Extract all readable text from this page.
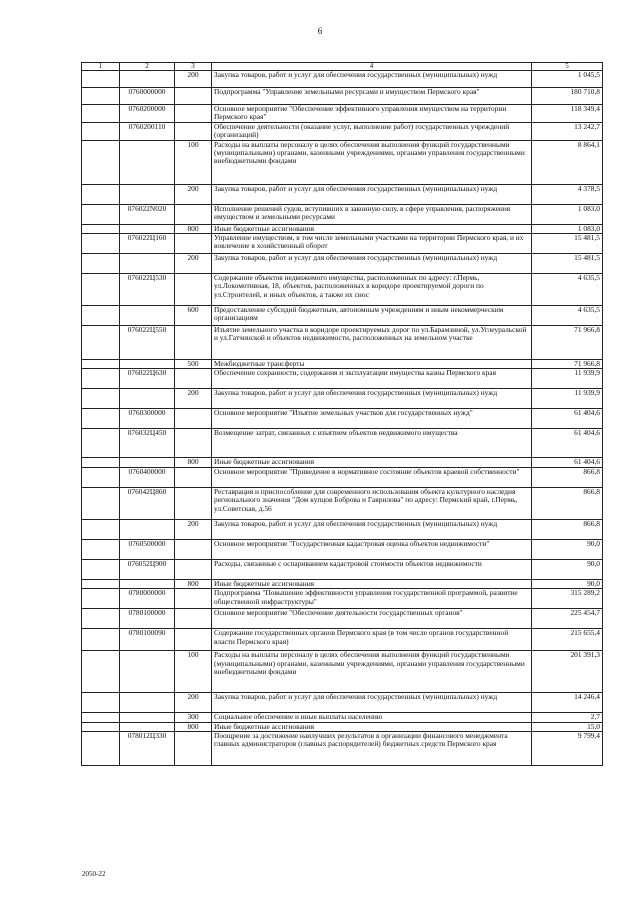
6
1	2	3	4	5
		200	Закупка товаров, работ и услуг для обеспечения государственных (муниципальных) нужд	1 045,5
	0760000000		Подпрограмма "Управление земельными ресурсами и имуществом Пермского края"	180 710,8
	0760200000		Основное мероприятие "Обеспечение эффективного управления имуществом на территории Пермского края"	118 349,4
	0760200110		Обеспечение деятельности (оказание услуг, выполнение работ) государственных учреждений (организаций)	13 242,7
		100	Расходы на выплаты персоналу в целях обеспечения выполнения функций государственными (муниципальными) органами, казенными учреждениями, органами управления государственными внебюджетными фондами	8 864,1
		200	Закупка товаров, работ и услуг для обеспечения государственных (муниципальных) нужд	4 378,5
	076022N020		Исполнение решений судов, вступивших в законную силу, в сфере управления, распоряжения имуществом и земельными ресурсами	1 083,0
		800	Иные бюджетные ассигнования	1 083,0
	076022Ц160		Управление имуществом, в том числе земельными участками на территории Пермского края, и их вовлечение в хозяйственный оборот	15 481,5
		200	Закупка товаров, работ и услуг для обеспечения государственных (муниципальных) нужд	15 481,5
	076022Ц530		Содержание объектов недвижимого имущества, расположенных по адресу: г.Пермь, ул.Локомотивная, 18, объектов, расположенных в коридоре проектируемой дороги по ул.Строителей, и иных объектов, а также их снос	4 635,5
		600	Предоставление субсидий бюджетным, автономным учреждениям и иным некоммерческим организациям	4 635,5
	076022Ц550		Изъятие земельного участка в коридоре проектируемых дорог по ул.Барамзиной, ул.Углеуральской и ул.Гатчинской и объектов недвижимости, расположенных на земельном участке	71 966,8
		500	Межбюджетные трансферты	71 966,8
	076022Ц630		Обеспечение сохранности, содержания и эксплуатации имущества казны Пермского края	11 939,9
		200	Закупка товаров, работ и услуг для обеспечения государственных (муниципальных) нужд	11 939,9
	0760300000		Основное мероприятие "Изъятие земельных участков для государственных нужд"	61 404,6
	076032Ц450		Возмещение затрат, связанных с изъятием объектов недвижимого имущества	61 404,6
		800	Иные бюджетные ассигнования	61 404,6
	0760400000		Основное мероприятие "Приведение в нормативное состояние объектов краевой собственности"	866,8
	076042Ц860		Реставрация и приспособление для современного использования объекта культурного наследия регионального значения "Дом купцов Бобровa и Гаврилова" по адресу: Пермский край, г.Пермь, ул.Советская, д.56	866,8
		200	Закупка товаров, работ и услуг для обеспечения государственных (муниципальных) нужд	866,8
	0760500000		Основное мероприятие "Государственная кадастровая оценка объектов недвижимости"	90,0
	076052Ц900		Расходы, связанные с оспариванием кадастровой стоимости объектов недвижимости	90,0
		800	Иные бюджетные ассигнования	90,0
	0780000000		Подпрограмма "Повышение эффективности управления государственной программой, развитие общественной инфраструктуры"	315 289,2
	0780100000		Основное мероприятие "Обеспечение деятельности государственных органов"	225 454,7
	0780100090		Содержание государственных органов Пермского края (в том числе органов государственной власти Пермского края)	215 655,4
		100	Расходы на выплаты персоналу в целях обеспечения выполнения функций государственными (муниципальными) органами, казенными учреждениями, органами управления государственными внебюджетными фондами	201 391,3
		200	Закупка товаров, работ и услуг для обеспечения государственных (муниципальных) нужд	14 246,4
		300	Социальное обеспечение и иные выплаты населению	2,7
		800	Иные бюджетные ассигнования	15,0
	078012Ц330		Поощрение за достижение наилучших результатов в организации финансового менеджмента главных администраторов (главных распорядителей) бюджетных средств Пермского края	9 799,4
2050-22
